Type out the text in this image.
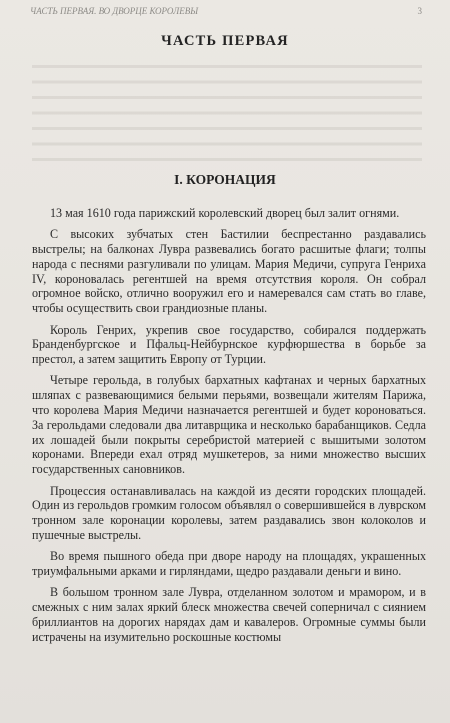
ЧАСТЬ ПЕРВАЯ. ВО ДВОРЦЕ КОРОЛЕВЫ	3
ЧАСТЬ ПЕРВАЯ
I. КОРОНАЦИЯ

13 мая 1610 года парижский королевский дворец был залит огнями.

С высоких зубчатых стен Бастилии беспрестанно раздавались выстрелы; на балконах Лувра развевались богато расшитые флаги; толпы народа с песнями разгуливали по улицам. Мария Медичи, супруга Генриха IV, короновалась регентшей на время отсутствия короля. Он собрал огромное войско, отлично вооружил его и намеревался сам стать во главе, чтобы осуществить свои грандиозные планы.

Король Генрих, укрепив свое государство, собирался поддержать Бранденбургское и Пфальц-Нейбурнское курфюршества в борьбе за престол, а затем защитить Европу от Турции.

Четыре герольда, в голубых бархатных кафтанах и черных бархатных шляпах с развевающимися белыми перьями, возвещали жителям Парижа, что королева Мария Медичи назначается регентшей и будет короноваться. За герольдами следовали два литаврщика и несколько барабанщиков. Седла их лошадей были покрыты серебристой материей с вышитыми золотом коронами. Впереди ехал отряд мушкетеров, за ними множество высших государственных сановников.

Процессия останавливалась на каждой из десяти городских площадей. Один из герольдов громким голосом объявлял о совершившейся в луврском тронном зале коронации королевы, затем раздавались звон колоколов и пушечные выстрелы.

Во время пышного обеда при дворе народу на площадях, украшенных триумфальными арками и гирляндами, щедро раздавали деньги и вино.

В большом тронном зале Лувра, отделанном золотом и мрамором, и в смежных с ним залах яркий блеск множества свечей соперничал с сиянием бриллиантов на дорогих нарядах дам и кавалеров. Огромные суммы были истрачены на изумительно роскошные костюмы
